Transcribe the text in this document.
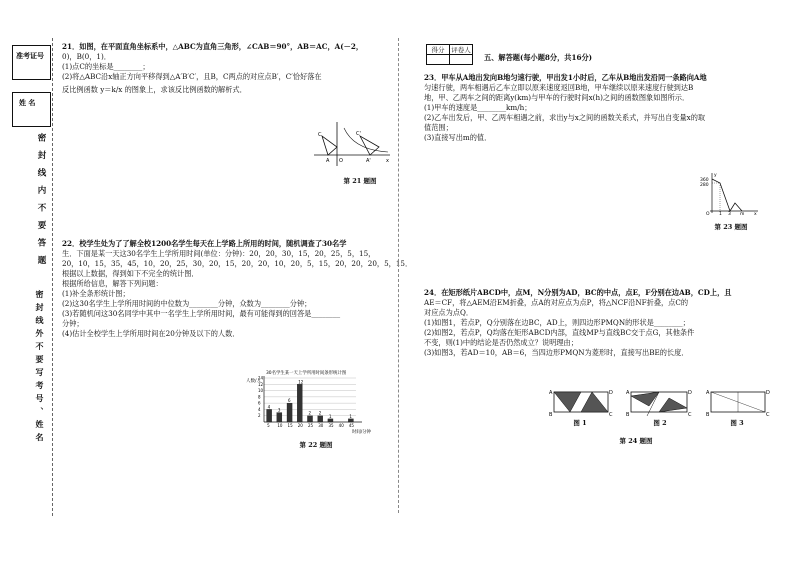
准考证号
姓 名
密封线内不要答题
密封线外不要写考号、姓名
21．如图，在平面直角坐标系中，△ABC为直角三角形，∠CAB＝90°，AB＝AC，A(－2，
0)，B(0，1)．
(1)点C的坐标是________；
(2)将△ABC沿x轴正方向平移得到△A′B′C′，且B，C两点的对应点B′，C′恰好落在
反比例函数 y＝k/x 的图象上，求该反比例函数的解析式．
C	C'
A	A'
O	x
第 21 题图
22．校学生处为了了解全校1200名学生每天在上学路上所用的时间，随机调查了30名学
生．下面是某一天这30名学生上学所用时间(单位：分钟)：20，20，30，15，20，25，5，15，
20，10，15，35，45，10，20，25，30，20，15，20，20，10，20，5，15，20，20，20，5，15．
根据以上数据，得到如下不完全的统计图．
根据所给信息，解答下列问题：
(1)补全条形统计图；
(2)这30名学生上学所用时间的中位数为________分钟，众数为________分钟；
(3)若随机问这30名同学中其中一名学生上学所用时间，最有可能得到的回答是________
分钟；
(4)估计全校学生上学所用时间在20分钟及以下的人数．
30名学生某一天上学所用时间条形统计图
人数/人
2
4
6
8
10
12
14
4
5
3
10
6
15
12
20
2
25
2
30
1
35 40
1
45
时间/分钟
第 22 题图
得分	评卷人

五、解答题(每小题8分，共16分)
23．甲车从A地出发向B地匀速行驶，甲出发1小时后，乙车从B地出发沿同一条路向A地
匀速行驶，两车相遇后乙车立即以原来速度返回B地，甲车继续以原来速度行驶到达B
地，甲、乙两车之间的距离y(km)与甲车的行驶时间x(h)之间的函数图象如图所示．
(1)甲车的速度是________km/h；
(2)乙车出发后，甲、乙两车相遇之前，求出y与x之间的函数关系式，并写出自变量x的取
值范围；
(3)直接写出m的值．
360
280
y
O 1 3 m x
第 23 题图
24．在矩形纸片ABCD中，点M，N分别为AD，BC的中点，点E，F分别在边AB，CD上，且
AE＝CF，将△AEM沿EM折叠，点A的对应点为点P，将△NCF沿NF折叠，点C的
对应点为点Q．
(1)如图1，若点P，Q分别落在边BC，AD上，则四边形PMQN的形状是________；
(2)如图2，若点P，Q均落在矩形ABCD内部，直线MP与直线BC交于点G，其他条件
不变，则(1)中的结论是否仍然成立？说明理由；
(3)如图3，若AD＝10，AB＝6，当四边形PMQN为菱形时，直接写出BE的长度．
A	D
B	C
图 1
A	D
B	C
图 2
A	D
B	C
图 3
第 24 题图
